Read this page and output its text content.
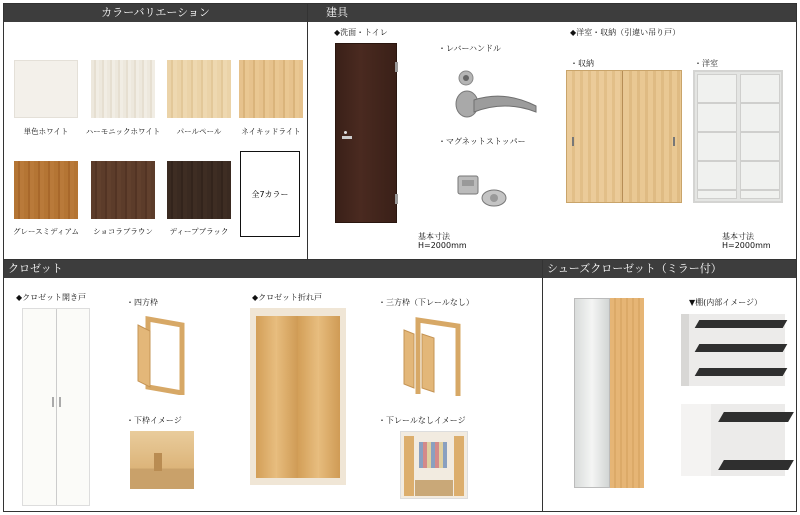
カラーバリエーション
単色ホワイト	ハーモニックホワイト	パールペール	ネイキッドライト
グレースミディアム	ショコラブラウン	ディープブラック
全7カラー
建具
◆洗面・トイレ
・レバーハンドル
・マグネットストッパー
基本寸法
H=2000mm
◆洋室・収納（引違い吊り戸）
・収納	・洋室
基本寸法
H=2000mm
クロゼット
◆クロゼット開き戸
・四方枠
・下枠イメージ
◆クロゼット折れ戸
・三方枠（下レールなし）
・下レールなしイメージ
シューズクローゼット（ミラー付）
▼棚(内部イメージ）
